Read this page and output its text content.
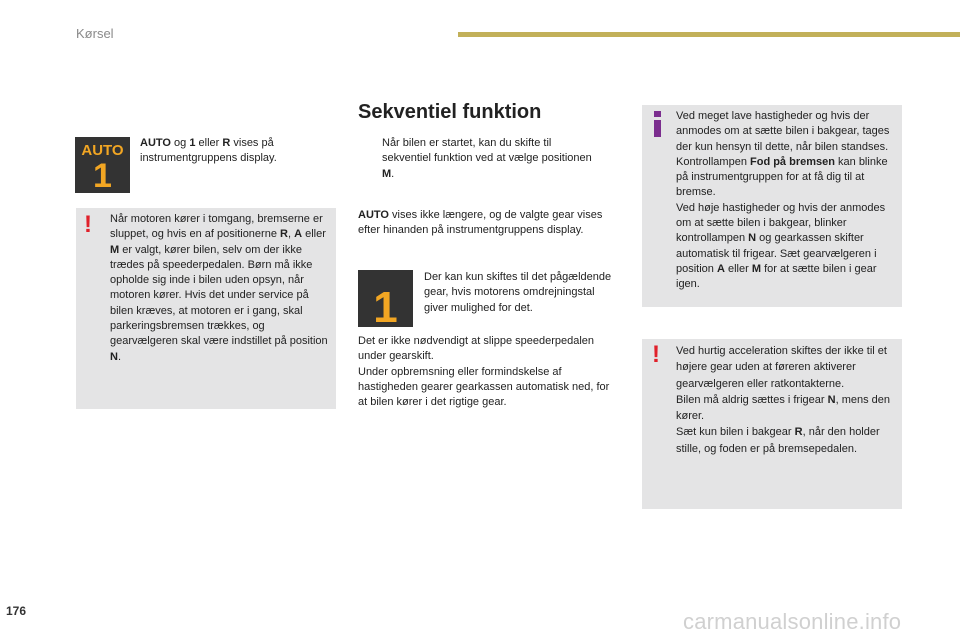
Kørsel
Sekventiel funktion
AUTO
1
AUTO og 1 eller R vises på instrumentgruppens display.
! Når motoren kører i tomgang, bremserne er sluppet, og hvis en af positionerne R, A eller M er valgt, kører bilen, selv om der ikke trædes på speederpedalen. Børn må ikke opholde sig inde i bilen uden opsyn, når motoren kører. Hvis det under service på bilen kræves, at motoren er i gang, skal parkeringsbremsen trækkes, og gearvælgeren skal være indstillet på position N.
Når bilen er startet, kan du skifte til sekventiel funktion ved at vælge positionen M.
AUTO vises ikke længere, og de valgte gear vises efter hinanden på instrumentgruppens display.
1
Der kan kun skiftes til det pågældende gear, hvis motorens omdrejningstal giver mulighed for det.
Det er ikke nødvendigt at slippe speederpedalen under gearskift.
Under opbremsning eller formindskelse af hastigheden gearer gearkassen automatisk ned, for at bilen kører i det rigtige gear.
Ved meget lave hastigheder og hvis der anmodes om at sætte bilen i bakgear, tages der kun hensyn til dette, når bilen standses. Kontrollampen Fod på bremsen kan blinke på instrumentgruppen for at få dig til at bremse.
Ved høje hastigheder og hvis der anmodes om at sætte bilen i bakgear, blinker kontrollampen N og gearkassen skifter automatisk til frigear. Sæt gearvælgeren i position A eller M for at sætte bilen i gear igen.
! Ved hurtig acceleration skiftes der ikke til et højere gear uden at føreren aktiverer gearvælgeren eller ratkontakterne.
Bilen må aldrig sættes i frigear N, mens den kører.
Sæt kun bilen i bakgear R, når den holder stille, og foden er på bremsepedalen.
176	carmanualsonline.info
